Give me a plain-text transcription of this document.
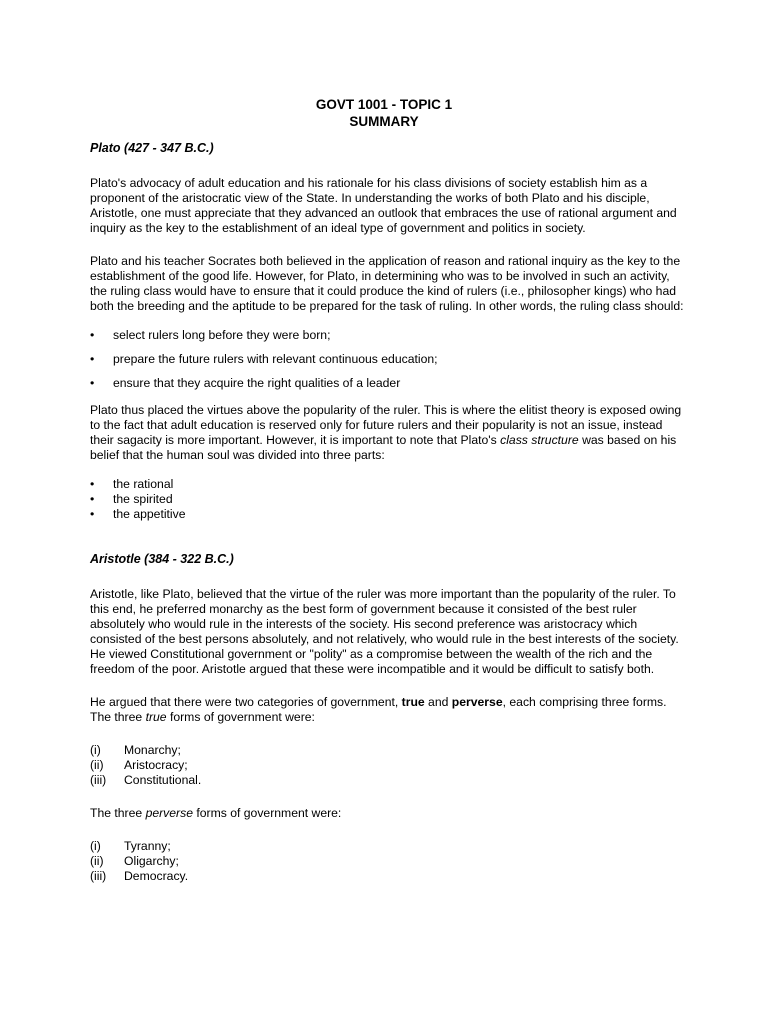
GOVT 1001 - TOPIC 1
SUMMARY

Plato (427 - 347 B.C.)

Plato's advocacy of adult education and his rationale for his class divisions of society establish him as a proponent of the aristocratic view of the State. In understanding the works of both Plato and his disciple, Aristotle, one must appreciate that they advanced an outlook that embraces the use of rational argument and inquiry as the key to the establishment of an ideal type of government and politics in society.

Plato and his teacher Socrates both believed in the application of reason and rational inquiry as the key to the establishment of the good life. However, for Plato, in determining who was to be involved in such an activity, the ruling class would have to ensure that it could produce the kind of rulers (i.e., philosopher kings) who had both the breeding and the aptitude to be prepared for the task of ruling. In other words, the ruling class should:

• select rulers long before they were born;
• prepare the future rulers with relevant continuous education;
• ensure that they acquire the right qualities of a leader

Plato thus placed the virtues above the popularity of the ruler. This is where the elitist theory is exposed owing to the fact that adult education is reserved only for future rulers and their popularity is not an issue, instead their sagacity is more important. However, it is important to note that Plato's class structure was based on his belief that the human soul was divided into three parts:

• the rational
• the spirited
• the appetitive

Aristotle (384 - 322 B.C.)

Aristotle, like Plato, believed that the virtue of the ruler was more important than the popularity of the ruler. To this end, he preferred monarchy as the best form of government because it consisted of the best ruler absolutely who would rule in the interests of the society. His second preference was aristocracy which consisted of the best persons absolutely, and not relatively, who would rule in the best interests of the society. He viewed Constitutional government or "polity" as a compromise between the wealth of the rich and the freedom of the poor. Aristotle argued that these were incompatible and it would be difficult to satisfy both.

He argued that there were two categories of government, true and perverse, each comprising three forms. The three true forms of government were:

(i) Monarchy;
(ii) Aristocracy;
(iii) Constitutional.

The three perverse forms of government were:

(i) Tyranny;
(ii) Oligarchy;
(iii) Democracy.
